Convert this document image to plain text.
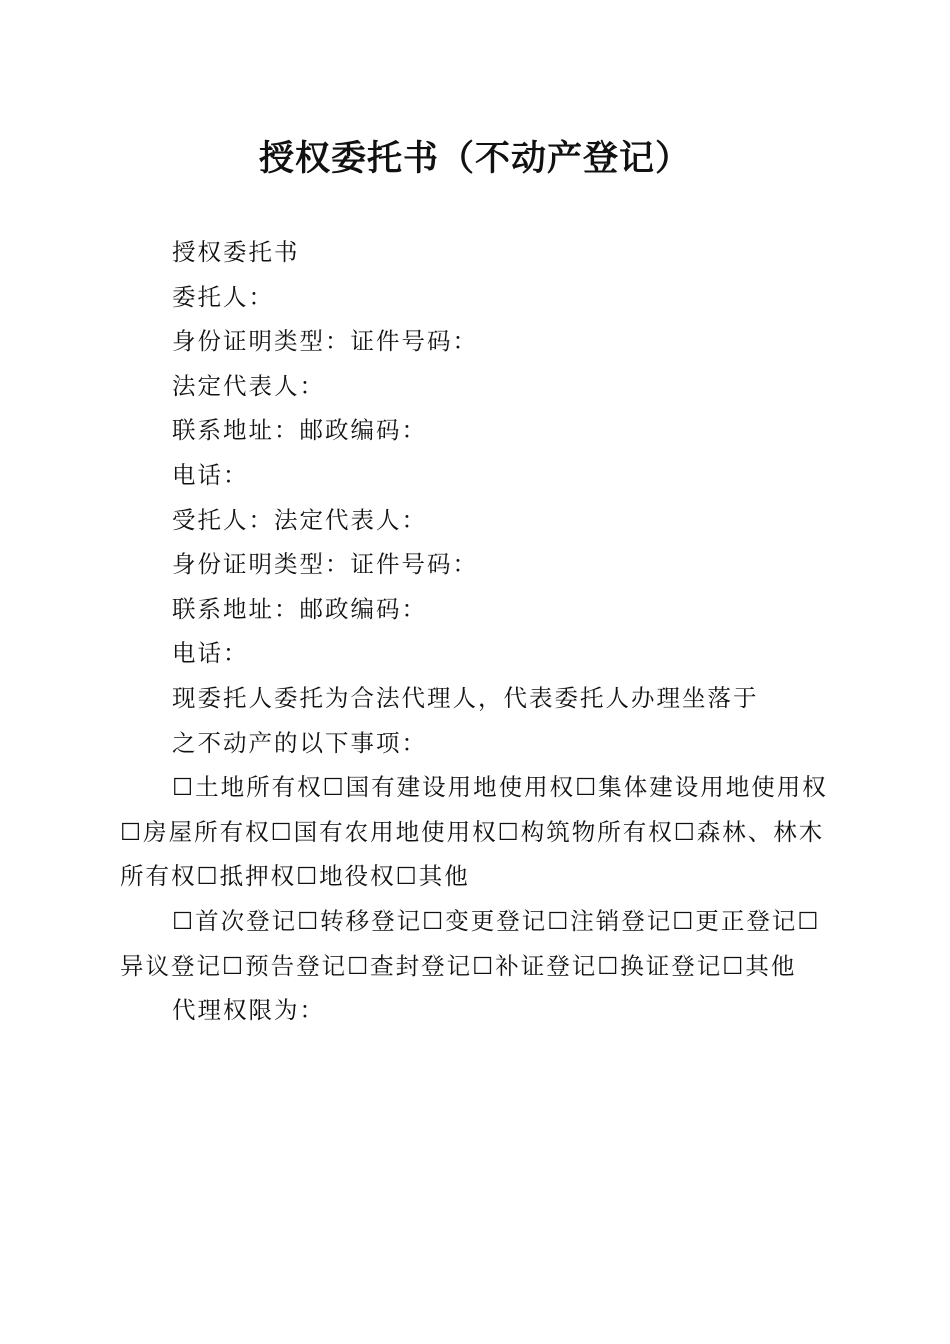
授权委托书（不动产登记）
授权委托书
委托人：
身份证明类型：证件号码：
法定代表人：
联系地址：邮政编码：
电话：
受托人：法定代表人：
身份证明类型：证件号码：
联系地址：邮政编码：
电话：
现委托人委托为合法代理人，代表委托人办理坐落于
之不动产的以下事项：
☐土地所有权☐国有建设用地使用权☐集体建设用地使用权☐房屋所有权☐国有农用地使用权☐构筑物所有权☐森林、林木所有权☐抵押权☐地役权☐其他
☐首次登记☐转移登记☐变更登记☐注销登记☐更正登记☐异议登记☐预告登记☐查封登记☐补证登记☐换证登记☐其他
代理权限为：
